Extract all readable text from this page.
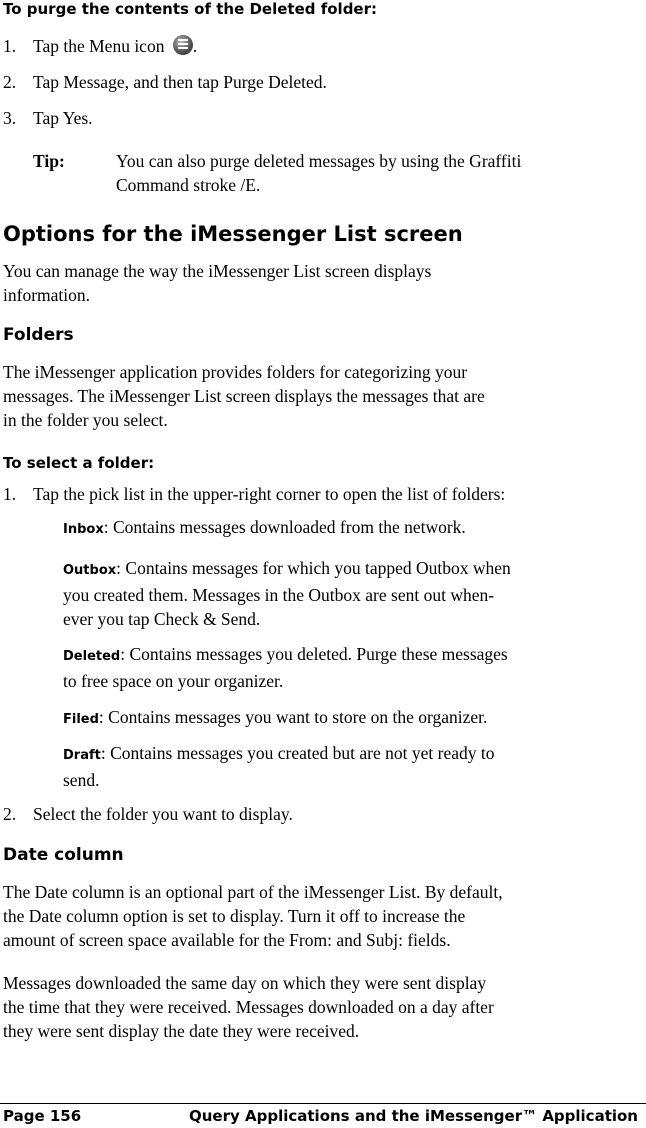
To purge the contents of the Deleted folder:
1. Tap the Menu icon .
2. Tap Message, and then tap Purge Deleted.
3. Tap Yes.
Tip:	You can also purge deleted messages by using the Graffiti
Command stroke /E.
Options for the iMessenger List screen
You can manage the way the iMessenger List screen displays
information.
Folders
The iMessenger application provides folders for categorizing your
messages. The iMessenger List screen displays the messages that are
in the folder you select.
To select a folder:
1. Tap the pick list in the upper-right corner to open the list of folders:
Inbox: Contains messages downloaded from the network.
Outbox: Contains messages for which you tapped Outbox when
you created them. Messages in the Outbox are sent out when-
ever you tap Check & Send.
Deleted: Contains messages you deleted. Purge these messages
to free space on your organizer.
Filed: Contains messages you want to store on the organizer.
Draft: Contains messages you created but are not yet ready to
send.
2. Select the folder you want to display.
Date column
The Date column is an optional part of the iMessenger List. By default,
the Date column option is set to display. Turn it off to increase the
amount of screen space available for the From: and Subj: fields.
Messages downloaded the same day on which they were sent display
the time that they were received. Messages downloaded on a day after
they were sent display the date they were received.
Page 156	Query Applications and the iMessenger™ Application
